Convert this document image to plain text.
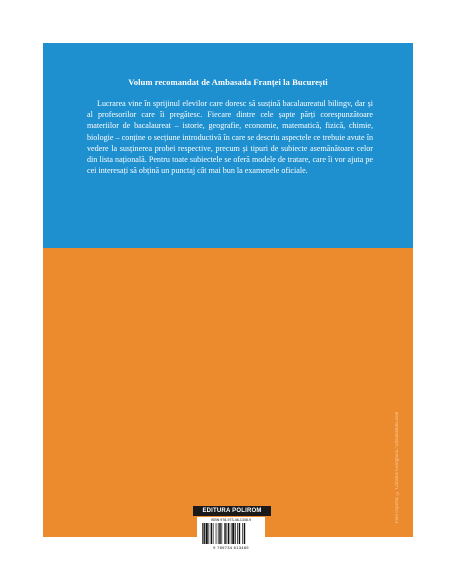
Volum recomandat de Ambasada Franței la București

Lucrarea vine în sprijinul elevilor care doresc să susțină bacalaureatul bilingv, dar și al profesorilor care îi pregătesc. Fiecare dintre cele șapte părți corespunzătoare materiilor de bacalaureat – istorie, geografie, economie, matematică, fizică, chimie, biologie – conține o secțiune introductivă în care se descriu aspectele ce trebuie avute în vedere la susținerea probei respective, precum și tipuri de subiecte asemănătoare celor din lista națională. Pentru toate subiectele se oferă modele de tratare, care îi vor ajuta pe cei interesați să obțină un punctaj cât mai bun la examenele oficiale.

Foto copertă: © Christos Georghiou / Dreamstime.com
EDITURA POLIROM
ISBN 978-973-46-1348-9
9 789734 613489
www.polirom.ro
